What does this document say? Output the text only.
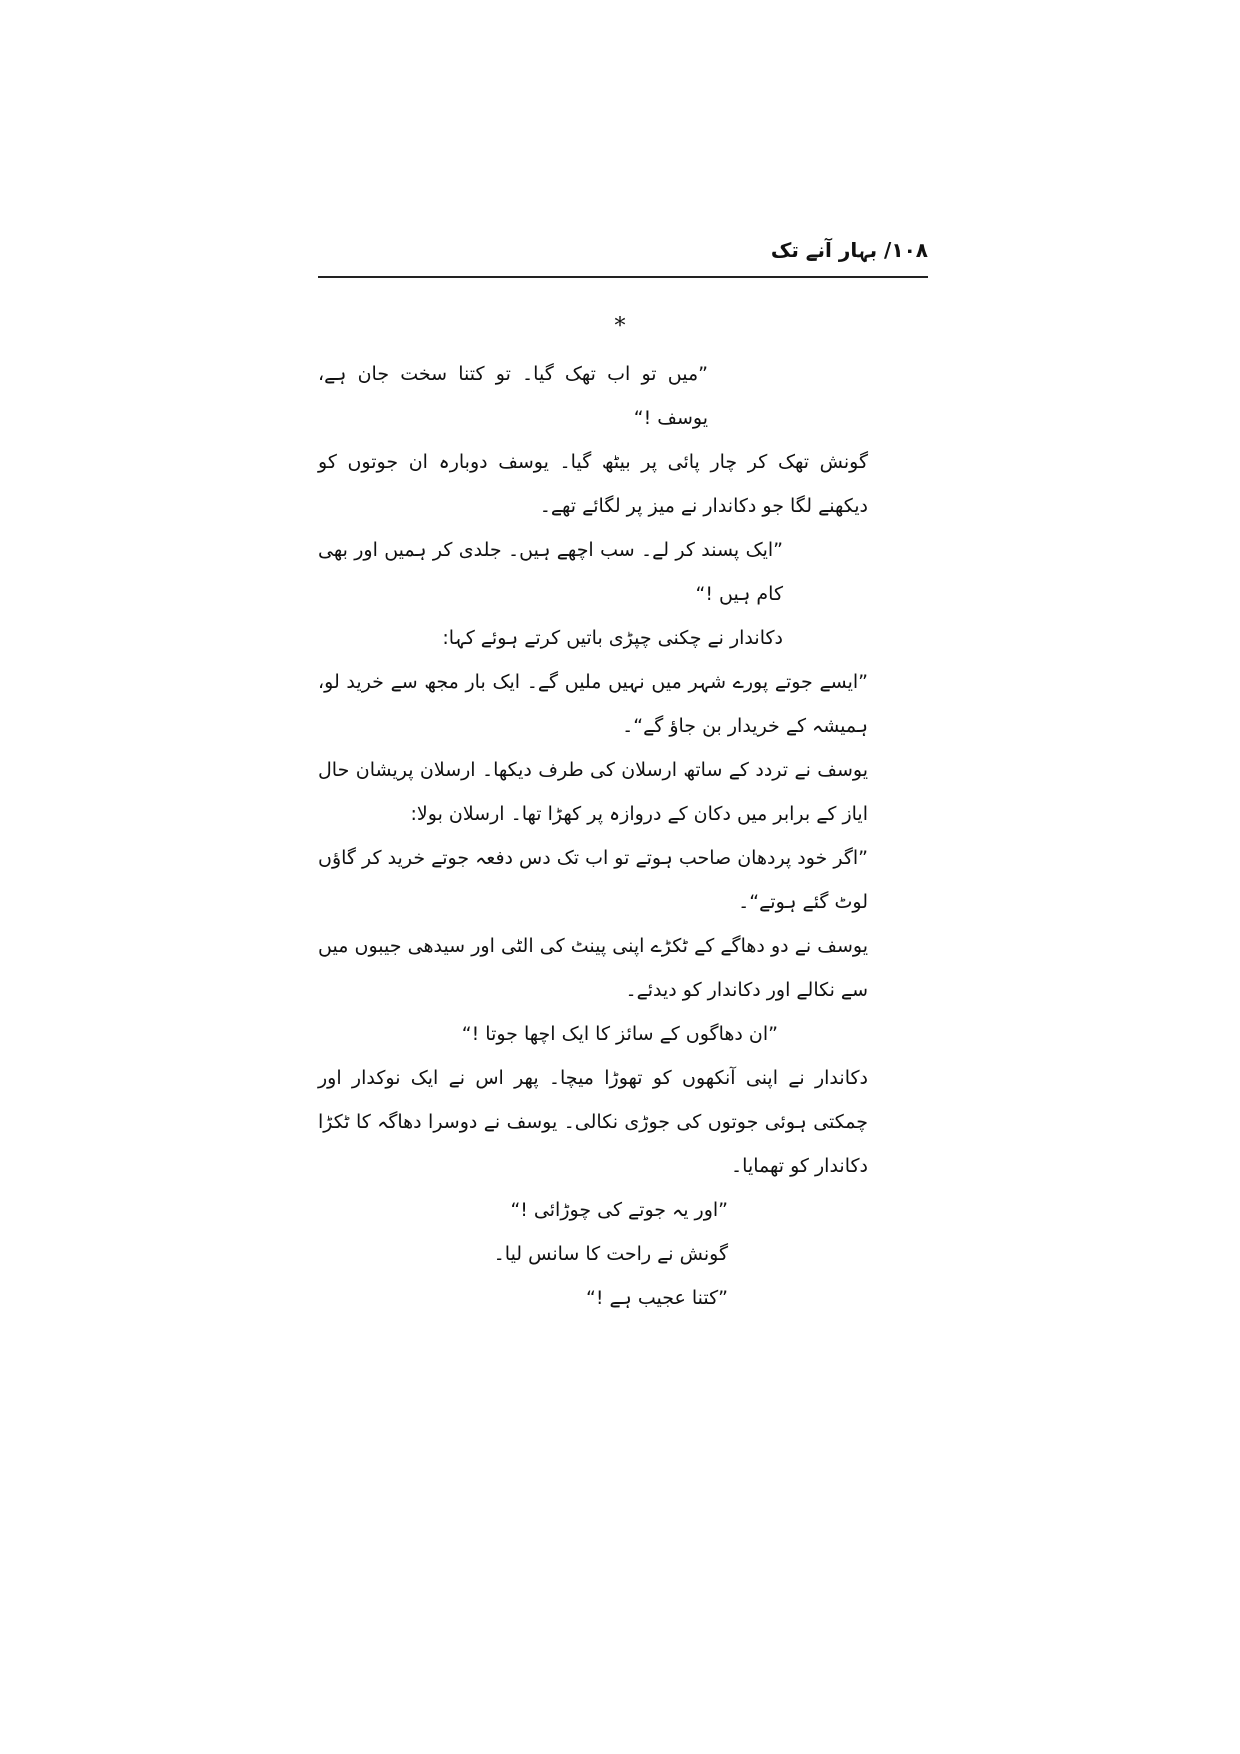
۱۰۸/ بہار آنے تک
*

”میں تو اب تھک گیا۔ تو کتنا سخت جان ہے، یوسف !“

گونش تھک کر چار پائی پر بیٹھ گیا۔ یوسف دوبارہ ان جوتوں کو دیکھنے لگا جو دکاندار نے میز پر لگائے تھے۔

”ایک پسند کر لے۔ سب اچھے ہیں۔ جلدی کر ہمیں اور بھی کام ہیں !“

دکاندار نے چکنی چپڑی باتیں کرتے ہوئے کہا:

”ایسے جوتے پورے شہر میں نہیں ملیں گے۔ ایک بار مجھ سے خرید لو، ہمیشہ کے خریدار بن جاؤ گے“۔

یوسف نے تردد کے ساتھ ارسلان کی طرف دیکھا۔ ارسلان پریشان حال ایاز کے برابر میں دکان کے دروازہ پر کھڑا تھا۔ ارسلان بولا:

”اگر خود پردھان صاحب ہوتے تو اب تک دس دفعہ جوتے خرید کر گاؤں لوٹ گئے ہوتے“۔

یوسف نے دو دھاگے کے ٹکڑے اپنی پینٹ کی الٹی اور سیدھی جیبوں میں سے نکالے اور دکاندار کو دیدئے۔

”ان دھاگوں کے سائز کا ایک اچھا جوتا !“

دکاندار نے اپنی آنکھوں کو تھوڑا میچا۔ پھر اس نے ایک نوکدار اور چمکتی ہوئی جوتوں کی جوڑی نکالی۔ یوسف نے دوسرا دھاگہ کا ٹکڑا دکاندار کو تھمایا۔

”اور یہ جوتے کی چوڑائی !“

گونش نے راحت کا سانس لیا۔

”کتنا عجیب ہے !“
